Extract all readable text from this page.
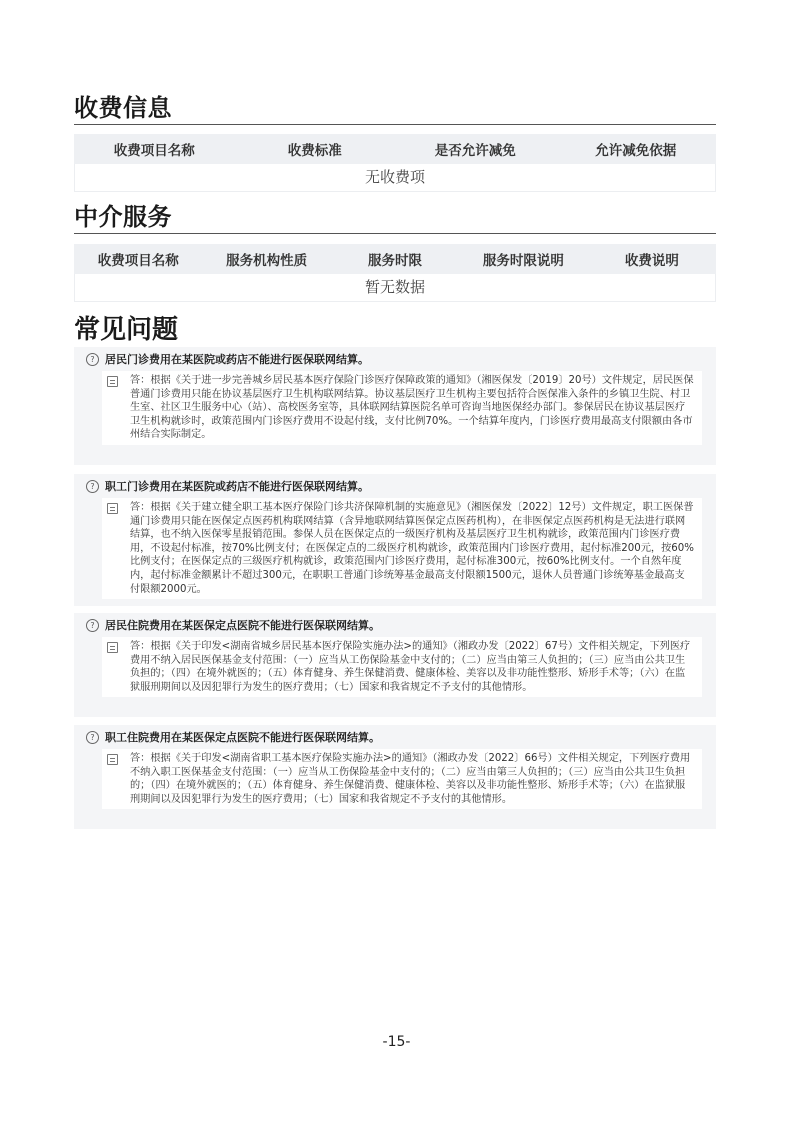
收费信息
收费项目名称	收费标准	是否允许减免	允许减免依据
无收费项
中介服务
收费项目名称	服务机构性质	服务时限	服务时限说明	收费说明
暂无数据
常见问题
? 居民门诊费用在某医院或药店不能进行医保联网结算。
答：根据《关于进一步完善城乡居民基本医疗保险门诊医疗保障政策的通知》（湘医保发〔2019〕20号）文件规定，居民医保普通门诊费用只能在协议基层医疗卫生机构联网结算。协议基层医疗卫生机构主要包括符合医保准入条件的乡镇卫生院、村卫生室、社区卫生服务中心（站）、高校医务室等，具体联网结算医院名单可咨询当地医保经办部门。参保居民在协议基层医疗卫生机构就诊时，政策范围内门诊医疗费用不设起付线，支付比例70%。一个结算年度内，门诊医疗费用最高支付限额由各市州结合实际制定。
? 职工门诊费用在某医院或药店不能进行医保联网结算。
答：根据《关于建立健全职工基本医疗保险门诊共济保障机制的实施意见》（湘医保发〔2022〕12号）文件规定，职工医保普通门诊费用只能在医保定点医药机构联网结算（含异地联网结算医保定点医药机构），在非医保定点医药机构是无法进行联网结算，也不纳入医保零星报销范围。参保人员在医保定点的一级医疗机构及基层医疗卫生机构就诊，政策范围内门诊医疗费用，不设起付标准，按70%比例支付；在医保定点的二级医疗机构就诊，政策范围内门诊医疗费用，起付标准200元，按60%比例支付；在医保定点的三级医疗机构就诊，政策范围内门诊医疗费用，起付标准300元，按60%比例支付。一个自然年度内，起付标准金额累计不超过300元，在职职工普通门诊统筹基金最高支付限额1500元，退休人员普通门诊统筹基金最高支付限额2000元。
? 居民住院费用在某医保定点医院不能进行医保联网结算。
答：根据《关于印发<湖南省城乡居民基本医疗保险实施办法>的通知》（湘政办发〔2022〕67号）文件相关规定，下列医疗费用不纳入居民医保基金支付范围：（一）应当从工伤保险基金中支付的；（二）应当由第三人负担的；（三）应当由公共卫生负担的；（四）在境外就医的；（五）体育健身、养生保健消费、健康体检、美容以及非功能性整形、矫形手术等；（六）在监狱服刑期间以及因犯罪行为发生的医疗费用；（七）国家和我省规定不予支付的其他情形。
? 职工住院费用在某医保定点医院不能进行医保联网结算。
答：根据《关于印发<湖南省职工基本医疗保险实施办法>的通知》（湘政办发〔2022〕66号）文件相关规定，下列医疗费用不纳入职工医保基金支付范围：（一）应当从工伤保险基金中支付的；（二）应当由第三人负担的；（三）应当由公共卫生负担的；（四）在境外就医的；（五）体育健身、养生保健消费、健康体检、美容以及非功能性整形、矫形手术等；（六）在监狱服刑期间以及因犯罪行为发生的医疗费用；（七）国家和我省规定不予支付的其他情形。
-15-
